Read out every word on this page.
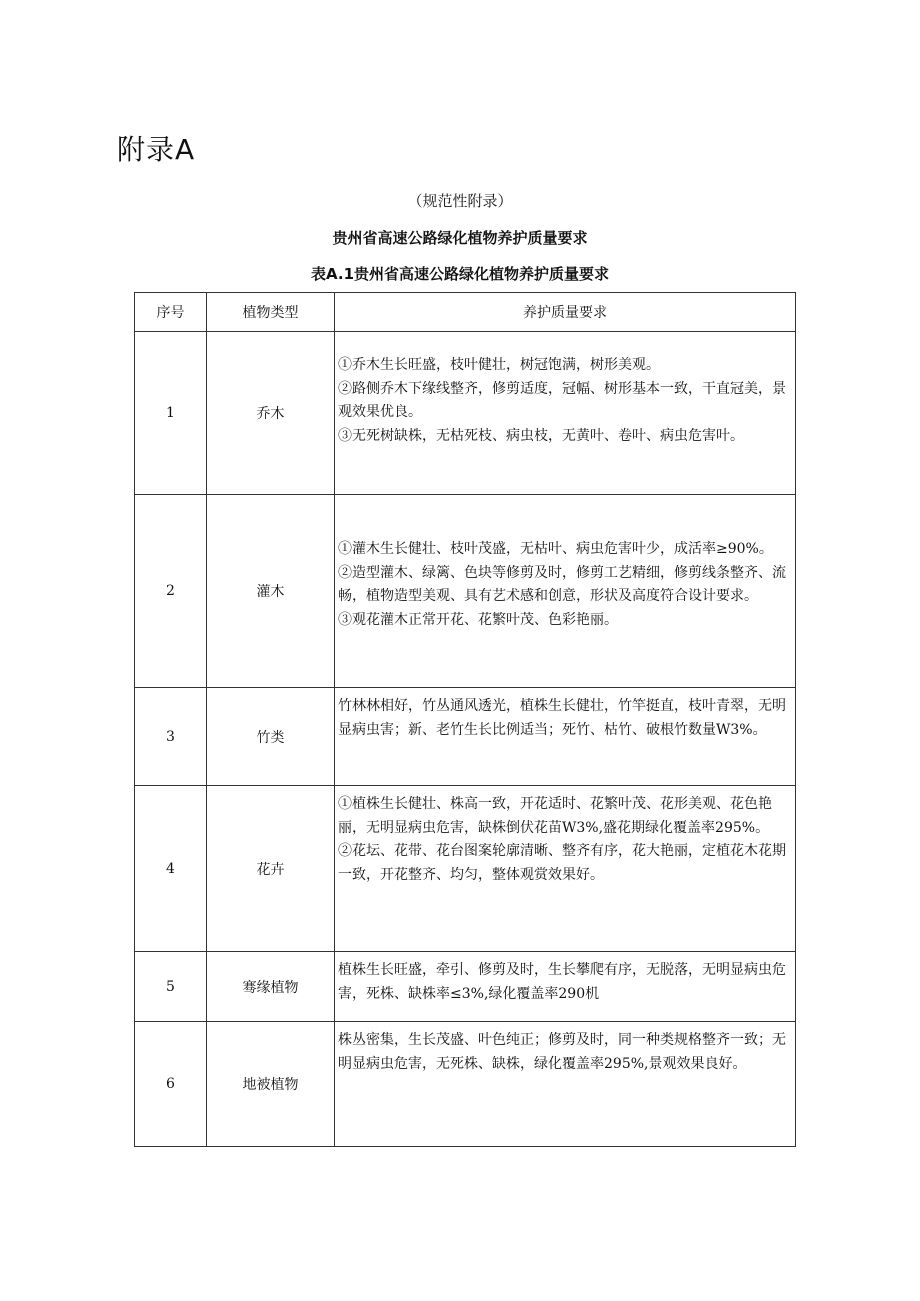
附录A

（规范性附录）

贵州省高速公路绿化植物养护质量要求

表A.1贵州省高速公路绿化植物养护质量要求

序号	植物类型	养护质量要求
1	乔木	①乔木生长旺盛，枝叶健壮，树冠饱满，树形美观。
②路侧乔木下缘线整齐，修剪适度，冠幅、树形基本一致，干直冠美，景观效果优良。
③无死树缺株，无枯死枝、病虫枝，无黄叶、卷叶、病虫危害叶。

2	灌木	①灌木生长健壮、枝叶茂盛，无枯叶、病虫危害叶少，成活率≥90%。
②造型灌木、绿篱、色块等修剪及时，修剪工艺精细，修剪线条整齐、流畅，植物造型美观、具有艺术感和创意，形状及高度符合设计要求。
③观花灌木正常开花、花繁叶茂、色彩艳丽。

3	竹类	竹林林相好，竹丛通风透光，植株生长健壮，竹竿挺直，枝叶青翠，无明显病虫害；新、老竹生长比例适当；死竹、枯竹、破根竹数量W3%。

4	花卉	①植株生长健壮、株高一致，开花适时、花繁叶茂、花形美观、花色艳丽，无明显病虫危害，缺株倒伏花苗W3%,盛花期绿化覆盖率295%。
②花坛、花带、花台图案轮廓清晰、整齐有序，花大艳丽，定植花木花期一致，开花整齐、均匀，整体观赏效果好。

5	骞缘植物	植株生长旺盛，牵引、修剪及时，生长攀爬有序，无脱落，无明显病虫危害，死株、缺株率≤3%,绿化覆盖率290机

6	地被植物	株丛密集，生长茂盛、叶色纯正；修剪及时，同一种类规格整齐一致；无明显病虫危害，无死株、缺株，绿化覆盖率295%,景观效果良好。
